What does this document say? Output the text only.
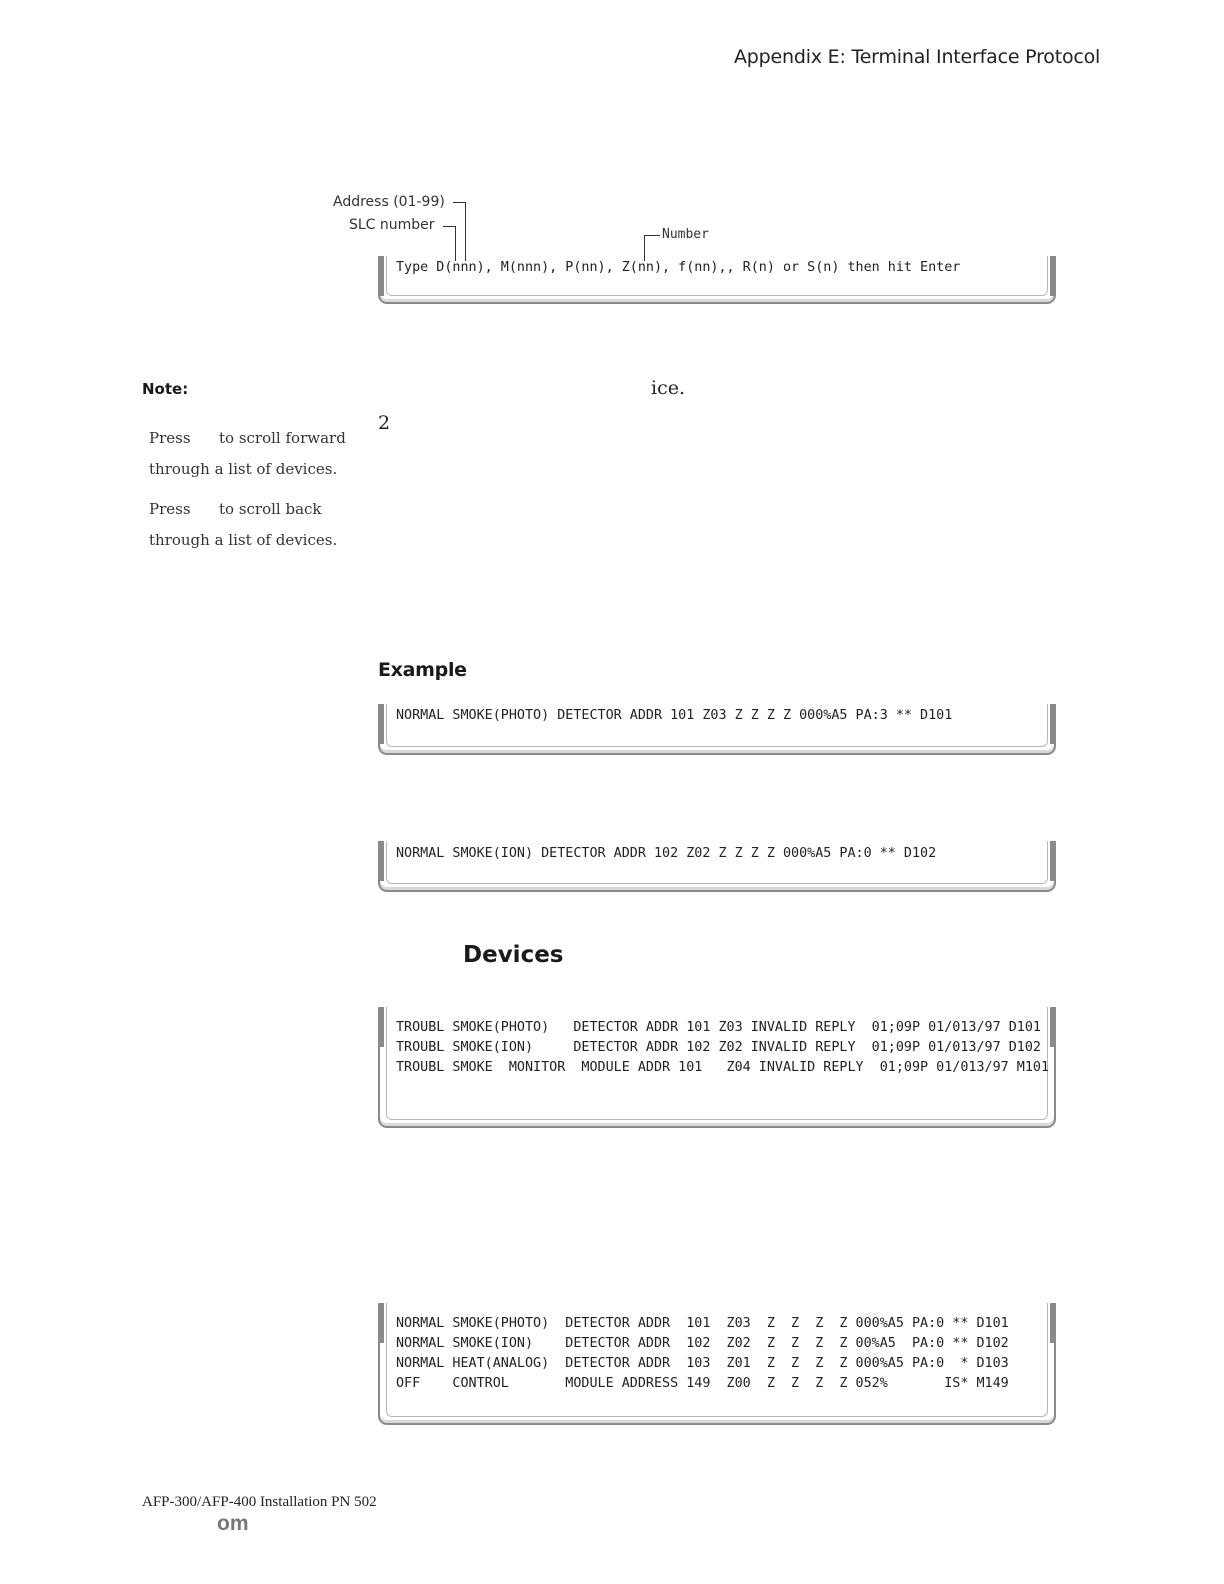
Appendix E: Terminal Interface Protocol
Address (01-99)
SLC number
Number
Type D(nnn), M(nnn), P(nn), Z(nn), f(nn),, R(n) or S(n) then hit Enter
Note:
Press to scroll forward
through a list of devices.
Press to scroll back
through a list of devices.
ice.
2
Example
NORMAL SMOKE(PHOTO) DETECTOR ADDR 101 Z03 Z Z Z Z 000%A5 PA:3 ** D101
NORMAL SMOKE(ION) DETECTOR ADDR 102 Z02 Z Z Z Z 000%A5 PA:0 ** D102
Devices
TROUBL SMOKE(PHOTO)   DETECTOR ADDR 101 Z03 INVALID REPLY  01;09P 01/013/97 D101
TROUBL SMOKE(ION)     DETECTOR ADDR 102 Z02 INVALID REPLY  01;09P 01/013/97 D102
TROUBL SMOKE  MONITOR  MODULE ADDR 101   Z04 INVALID REPLY  01;09P 01/013/97 M101
NORMAL SMOKE(PHOTO)  DETECTOR ADDR  101  Z03  Z  Z  Z  Z 000%A5 PA:0 ** D101
NORMAL SMOKE(ION)    DETECTOR ADDR  102  Z02  Z  Z  Z  Z 00%A5  PA:0 ** D102
NORMAL HEAT(ANALOG)  DETECTOR ADDR  103  Z01  Z  Z  Z  Z 000%A5 PA:0  * D103
OFF    CONTROL       MODULE ADDRESS 149  Z00  Z  Z  Z  Z 052%       IS* M149
AFP-300/AFP-400 Installation PN 502
om
